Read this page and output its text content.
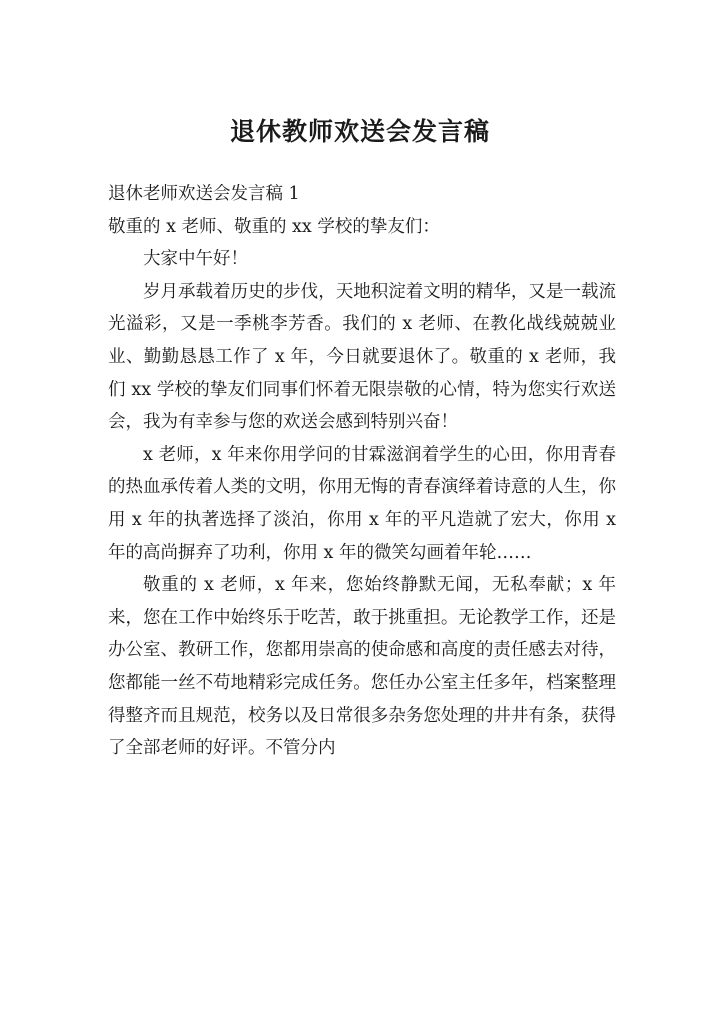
退休教师欢送会发言稿

退休老师欢送会发言稿 1

敬重的 x 老师、敬重的 xx 学校的挚友们：

大家中午好！

岁月承载着历史的步伐，天地积淀着文明的精华，又是一载流光溢彩，又是一季桃李芳香。我们的 x 老师、在教化战线兢兢业业、勤勤恳恳工作了 x 年，今日就要退休了。敬重的 x 老师，我们 xx 学校的挚友们同事们怀着无限崇敬的心情，特为您实行欢送会，我为有幸参与您的欢送会感到特别兴奋！

x 老师，x 年来你用学问的甘霖滋润着学生的心田，你用青春的热血承传着人类的文明，你用无悔的青春演绎着诗意的人生，你用 x 年的执著选择了淡泊，你用 x 年的平凡造就了宏大，你用 x 年的高尚摒弃了功利，你用 x 年的微笑勾画着年轮……

敬重的 x 老师，x 年来，您始终静默无闻，无私奉献；x 年来，您在工作中始终乐于吃苦，敢于挑重担。无论教学工作，还是办公室、教研工作，您都用崇高的使命感和高度的责任感去对待，您都能一丝不苟地精彩完成任务。您任办公室主任多年，档案整理得整齐而且规范，校务以及日常很多杂务您处理的井井有条，获得了全部老师的好评。不管分内
